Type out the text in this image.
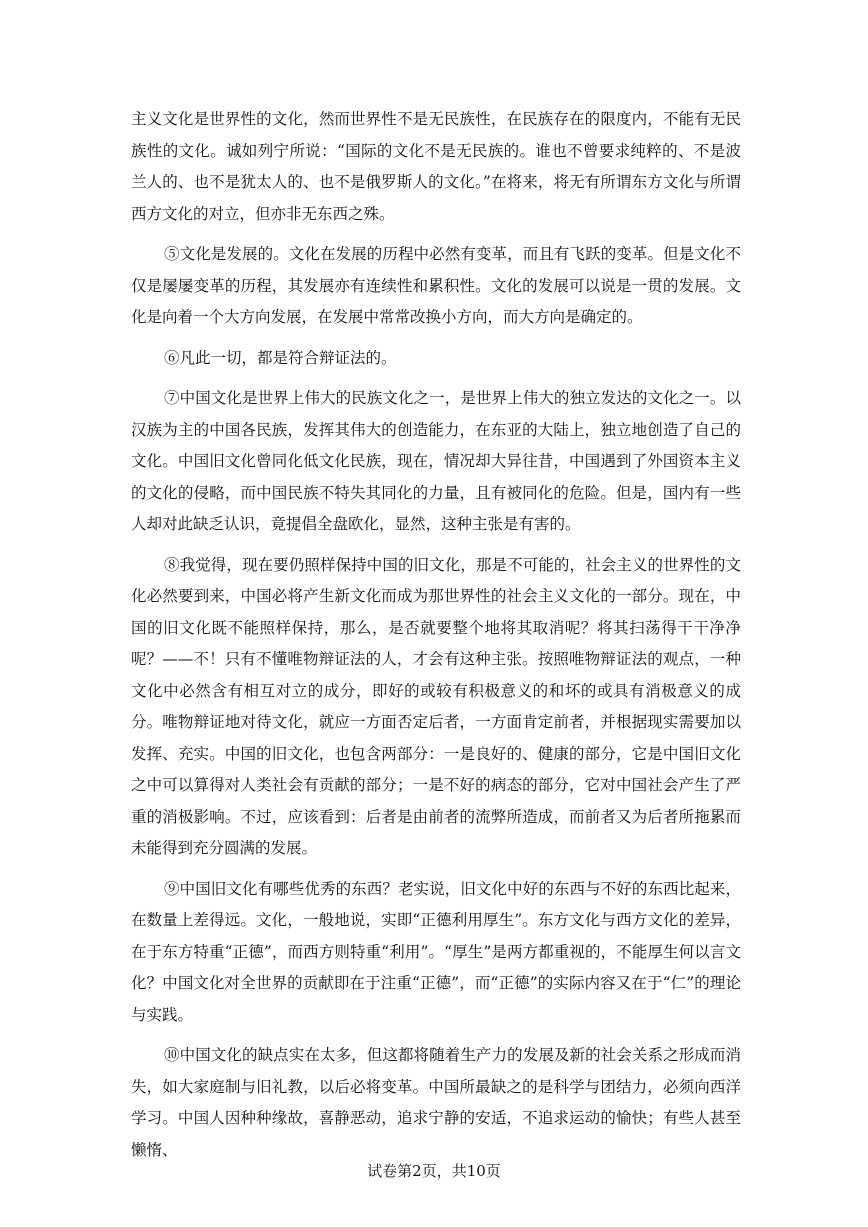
主义文化是世界性的文化，然而世界性不是无民族性，在民族存在的限度内，不能有无民族性的文化。诚如列宁所说：“国际的文化不是无民族的。谁也不曾要求纯粹的、不是波兰人的、也不是犹太人的、也不是俄罗斯人的文化。”在将来，将无有所谓东方文化与所谓西方文化的对立，但亦非无东西之殊。

⑤文化是发展的。文化在发展的历程中必然有变革，而且有飞跃的变革。但是文化不仅是屡屡变革的历程，其发展亦有连续性和累积性。文化的发展可以说是一贯的发展。文化是向着一个大方向发展，在发展中常常改换小方向，而大方向是确定的。

⑥凡此一切，都是符合辩证法的。

⑦中国文化是世界上伟大的民族文化之一，是世界上伟大的独立发达的文化之一。以汉族为主的中国各民族，发挥其伟大的创造能力，在东亚的大陆上，独立地创造了自己的文化。中国旧文化曾同化低文化民族，现在，情况却大异往昔，中国遇到了外国资本主义的文化的侵略，而中国民族不特失其同化的力量，且有被同化的危险。但是，国内有一些人却对此缺乏认识，竟提倡全盘欧化，显然，这种主张是有害的。

⑧我觉得，现在要仍照样保持中国的旧文化，那是不可能的，社会主义的世界性的文化必然要到来，中国必将产生新文化而成为那世界性的社会主义文化的一部分。现在，中国的旧文化既不能照样保持，那么，是否就要整个地将其取消呢？将其扫荡得干干净净呢？——不！只有不懂唯物辩证法的人，才会有这种主张。按照唯物辩证法的观点，一种文化中必然含有相互对立的成分，即好的或较有积极意义的和坏的或具有消极意义的成分。唯物辩证地对待文化，就应一方面否定后者，一方面肯定前者，并根据现实需要加以发挥、充实。中国的旧文化，也包含两部分：一是良好的、健康的部分，它是中国旧文化之中可以算得对人类社会有贡献的部分；一是不好的病态的部分，它对中国社会产生了严重的消极影响。不过，应该看到：后者是由前者的流弊所造成，而前者又为后者所拖累而未能得到充分圆满的发展。

⑨中国旧文化有哪些优秀的东西？老实说，旧文化中好的东西与不好的东西比起来，在数量上差得远。文化，一般地说，实即“正德利用厚生”。东方文化与西方文化的差异，在于东方特重“正德”，而西方则特重“利用”。“厚生”是两方都重视的，不能厚生何以言文化？中国文化对全世界的贡献即在于注重“正德”，而“正德”的实际内容又在于“仁”的理论与实践。

⑩中国文化的缺点实在太多，但这都将随着生产力的发展及新的社会关系之形成而消失，如大家庭制与旧礼教，以后必将变革。中国所最缺之的是科学与团结力，必须向西洋学习。中国人因种种缘故，喜静恶动，追求宁静的安适，不追求运动的愉快；有些人甚至懒惰、

试卷第2页，共10页
